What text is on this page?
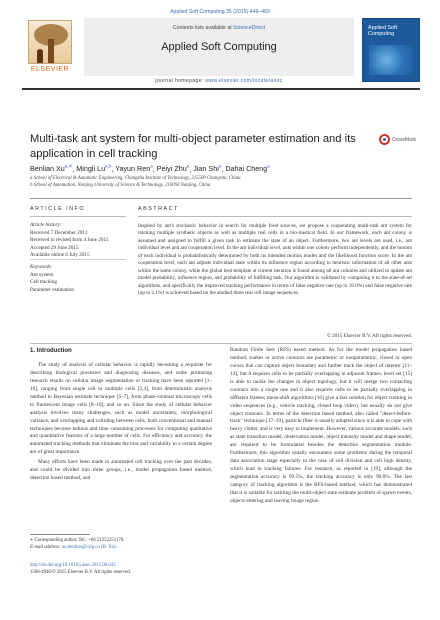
Applied Soft Computing 35 (2015) 449–469
ELSEVIER
Contents lists available at ScienceDirect
Applied Soft Computing
journal homepage: www.elsevier.com/locate/asoc
Applied Soft Computing
Multi-task ant system for multi-object parameter estimation and its application in cell tracking
CrossMark
Benlian $Xu^{a,∗}$, Mingli Lu$^{a,b}$, Yayun Ren$^a$, Peiyi Zhu$^a$, Jian Shi$^a$, Dahai Cheng$^a$
a School of Electrical & Automatic Engineering, Changshu Institute of Technology, 215500 Changshu, China
b School of Automation, Nanjing University of Science & Technology, 210094 Nanjing, China
ARTICLE INFO	ABSTRACT
Article history:
Received 7 December 2012
Received in revised form 4 June 2015
Accepted 29 June 2015
Available online 6 July 2015
Keywords:
Ant system
Cell tracking
Parameter estimation
Inspired by ant's stochastic behavior in search for multiple food sources, we propose a cooperating multi-task ant system for tracking multiple synthetic objects as well as multiple real cells in a bio-medical field. In our framework, each ant colony is assumed and assigned to fulfill a given task to estimate the state of an object. Furthermore, two ant levels are used, i.e., ant individual level and ant cooperation level. In the ant individual level, ants within one colony perform independently, and the motion of each individual is probabilistically determined by both its intended motion modes and the likelihood function score. In the ant cooperation level, each ant adjusts individual state within its influence region according to heuristic information of all other ants within the same colony, while the global best template at current iteration is found among all ant colonies and utilized to update ant model probability, influence region, and probability of fulfilling task. Our algorithm is validated by comparing it to the state-of-art algorithms, and specifically the improved tracking performance in terms of false negative rate (up to 10.0%) and false negative rate (up to 2.1%) is achieved based on the studied three real cell image sequences.
© 2015 Elsevier B.V. All rights reserved.
1. Introduction

The study of analysis of cellular behavior is rapidly becoming a requisite for describing biological processes and diagnosing diseases, and some promising research results on cellular image segmentation or tracking have been reported [1–10], ranging from single cell to multiple cells [3,4], from deterministic analysis method to Bayesian estimate technique [5–7], from phase-contrast microscopy cells to fluorescent image cells [8–10], and so on. Since the study of cellular behavior analysis involves many challenges, such as model uncertainty, morphological variance, and overlapping and colliding between cells, both conventional and manual techniques become tedious and time consuming processes for computing qualitative and quantitative features of a large number of cells. For efficiency and accuracy, the automated tracking methods that eliminate the bias and variability to a certain degree are of great importance.

Many efforts have been made in automated cell tracking over the past decades, and could be divided into three groups, i.e., model propagation based method, detection based method, and

Random Finite Sets (RFS) based method. As for the model propagation based method, snakes or active contours are parametric or nonparametric, closed or open curves that can capture object boundary and further track the object of interest [11–14], but it requires cells to be partially overlapping in adjacent frames; level set [15] is able to tackle the changes in object topology, but it will merge two contacting contours into a single one and it also requires cells to be partially overlapping in different frames; mean-shift algorithms [16] give a fast solution for object tracking in video sequences (e.g., vehicle tracking, closed loop video), but usually do not give object contours. In terms of the detection based method, also called "detect-before-track" technique [17–19], particle filter is usually adopted since it is able to cope with heavy clutter, and is very easy to implement. However, various accurate models, such as state transition model, observation model, object intensity model and shape model, are required to be formulated besides the detection segmentation module. Furthermore, this algorithm usually encounters some problems during the temporal data association stage especially in the case of cell division and cell high density, which lead to tracking failures. For instance, as reported in [19], although the segmentation accuracy is 99.5%, the tracking accuracy is only 90.0%. The last category of tracking algorithm is the RFS-based method, which has demonstrated that it is suitable for tackling the multi-object state estimate problem of spawn events, objects entering and leaving image region

∗ Corresponding author. Tel.: +86 51252251170.
E-mail address: xu.benlian@cslg.cn (B. Xu).
http://dx.doi.org/10.1016/j.asoc.2015.06.045
1568-4946/© 2015 Elsevier B.V. All rights reserved.
